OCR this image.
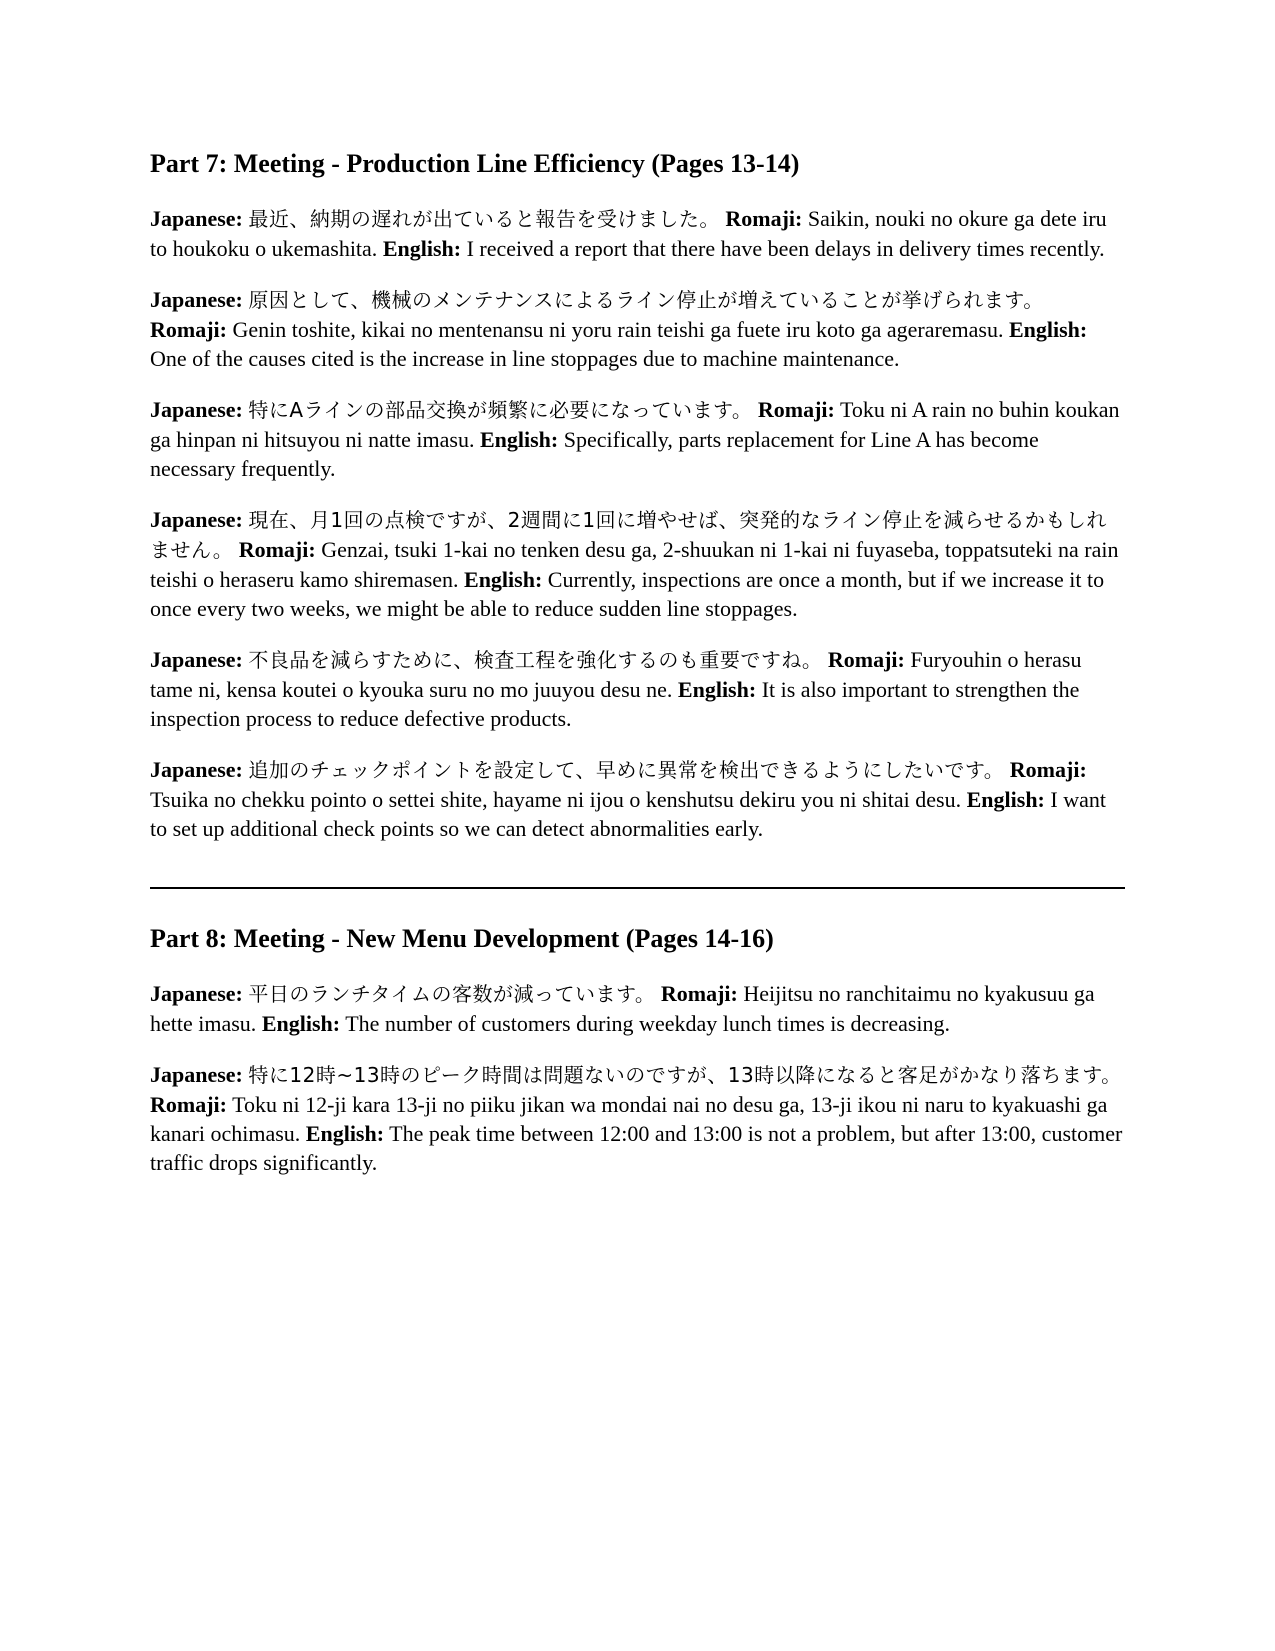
Part 7: Meeting - Production Line Efficiency (Pages 13-14)

Japanese: 最近、納期の遅れが出ていると報告を受けました。 Romaji: Saikin, nouki no okure ga dete iru to houkoku o ukemashita. English: I received a report that there have been delays in delivery times recently.

Japanese: 原因として、機械のメンテナンスによるライン停止が増えていることが挙げられます。 Romaji: Genin toshite, kikai no mentenansu ni yoru rain teishi ga fuete iru koto ga ageraremasu. English: One of the causes cited is the increase in line stoppages due to machine maintenance.

Japanese: 特にAラインの部品交換が頻繁に必要になっています。 Romaji: Toku ni A rain no buhin koukan ga hinpan ni hitsuyou ni natte imasu. English: Specifically, parts replacement for Line A has become necessary frequently.

Japanese: 現在、月1回の点検ですが、2週間に1回に増やせば、突発的なライン停止を減らせるかもしれません。 Romaji: Genzai, tsuki 1-kai no tenken desu ga, 2-shuukan ni 1-kai ni fuyaseba, toppatsuteki na rain teishi o heraseru kamo shiremasen. English: Currently, inspections are once a month, but if we increase it to once every two weeks, we might be able to reduce sudden line stoppages.

Japanese: 不良品を減らすために、検査工程を強化するのも重要ですね。 Romaji: Furyouhin o herasu tame ni, kensa koutei o kyouka suru no mo juuyou desu ne. English: It is also important to strengthen the inspection process to reduce defective products.

Japanese: 追加のチェックポイントを設定して、早めに異常を検出できるようにしたいです。 Romaji: Tsuika no chekku pointo o settei shite, hayame ni ijou o kenshutsu dekiru you ni shitai desu. English: I want to set up additional check points so we can detect abnormalities early.

Part 8: Meeting - New Menu Development (Pages 14-16)

Japanese: 平日のランチタイムの客数が減っています。 Romaji: Heijitsu no ranchitaimu no kyakusuu ga hette imasu. English: The number of customers during weekday lunch times is decreasing.

Japanese: 特に12時~13時のピーク時間は問題ないのですが、13時以降になると客足がかなり落ちます。 Romaji: Toku ni 12-ji kara 13-ji no piiku jikan wa mondai nai no desu ga, 13-ji ikou ni naru to kyakuashi ga kanari ochimasu. English: The peak time between 12:00 and 13:00 is not a problem, but after 13:00, customer traffic drops significantly.
